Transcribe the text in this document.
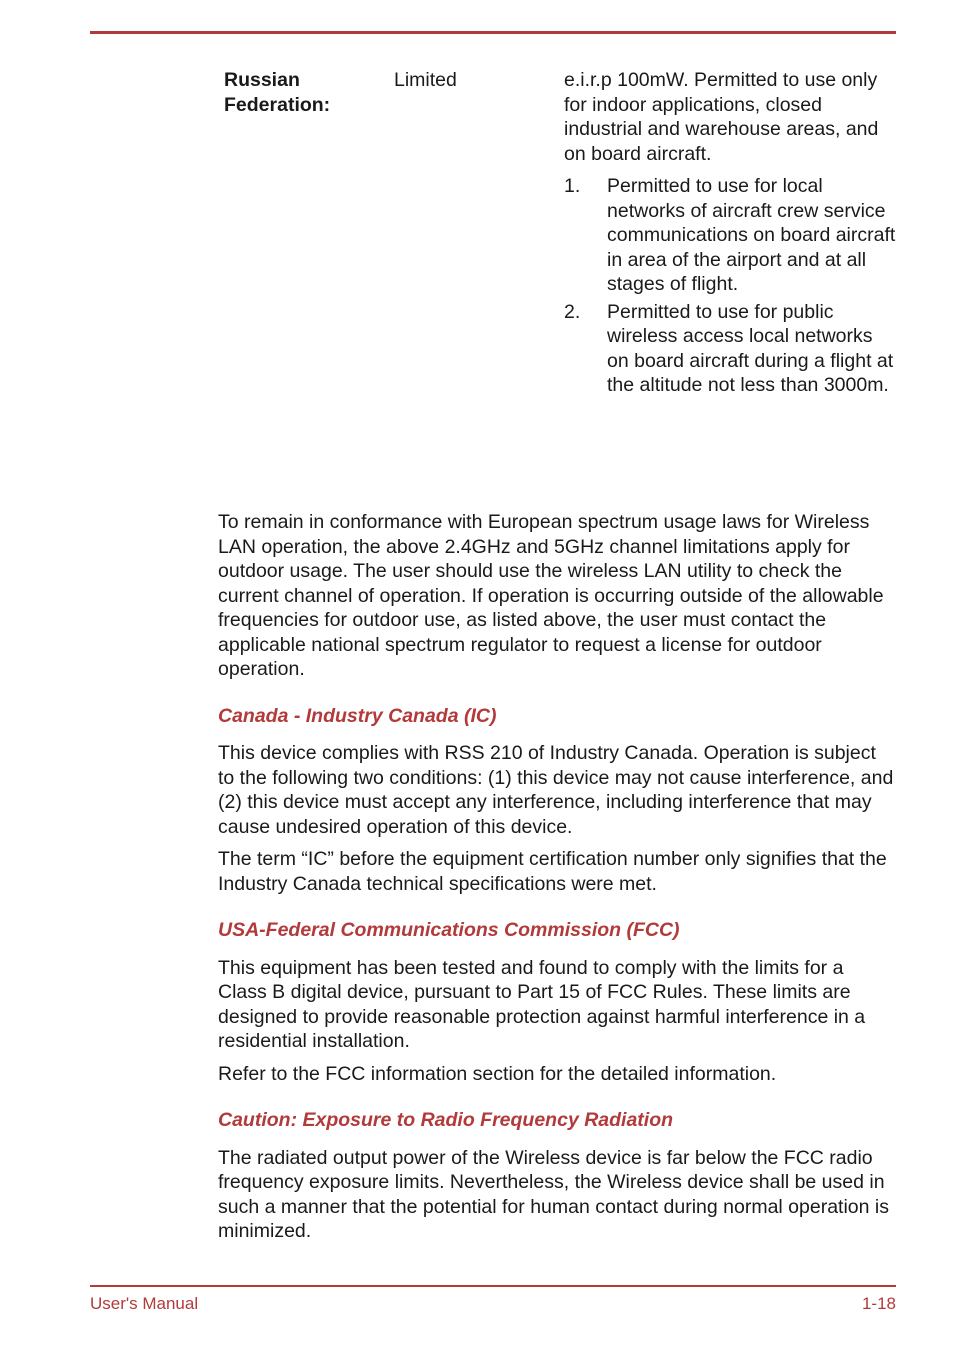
Russian Federation:
Limited	e.i.r.p 100mW. Permitted to use only for indoor applications, closed industrial and warehouse areas, and on board aircraft.

1.	Permitted to use for local networks of aircraft crew service communications on board aircraft in area of the airport and at all stages of flight.
2.	Permitted to use for public wireless access local networks on board aircraft during a flight at the altitude not less than 3000m.

To remain in conformance with European spectrum usage laws for Wireless LAN operation, the above 2.4GHz and 5GHz channel limitations apply for outdoor usage. The user should use the wireless LAN utility to check the current channel of operation. If operation is occurring outside of the allowable frequencies for outdoor use, as listed above, the user must contact the applicable national spectrum regulator to request a license for outdoor operation.

Canada - Industry Canada (IC)

This device complies with RSS 210 of Industry Canada. Operation is subject to the following two conditions: (1) this device may not cause interference, and (2) this device must accept any interference, including interference that may cause undesired operation of this device.

The term “IC” before the equipment certification number only signifies that the Industry Canada technical specifications were met.

USA-Federal Communications Commission (FCC)

This equipment has been tested and found to comply with the limits for a Class B digital device, pursuant to Part 15 of FCC Rules. These limits are designed to provide reasonable protection against harmful interference in a residential installation.

Refer to the FCC information section for the detailed information.

Caution: Exposure to Radio Frequency Radiation

The radiated output power of the Wireless device is far below the FCC radio frequency exposure limits. Nevertheless, the Wireless device shall be used in such a manner that the potential for human contact during normal operation is minimized.

User's Manual	1-18
